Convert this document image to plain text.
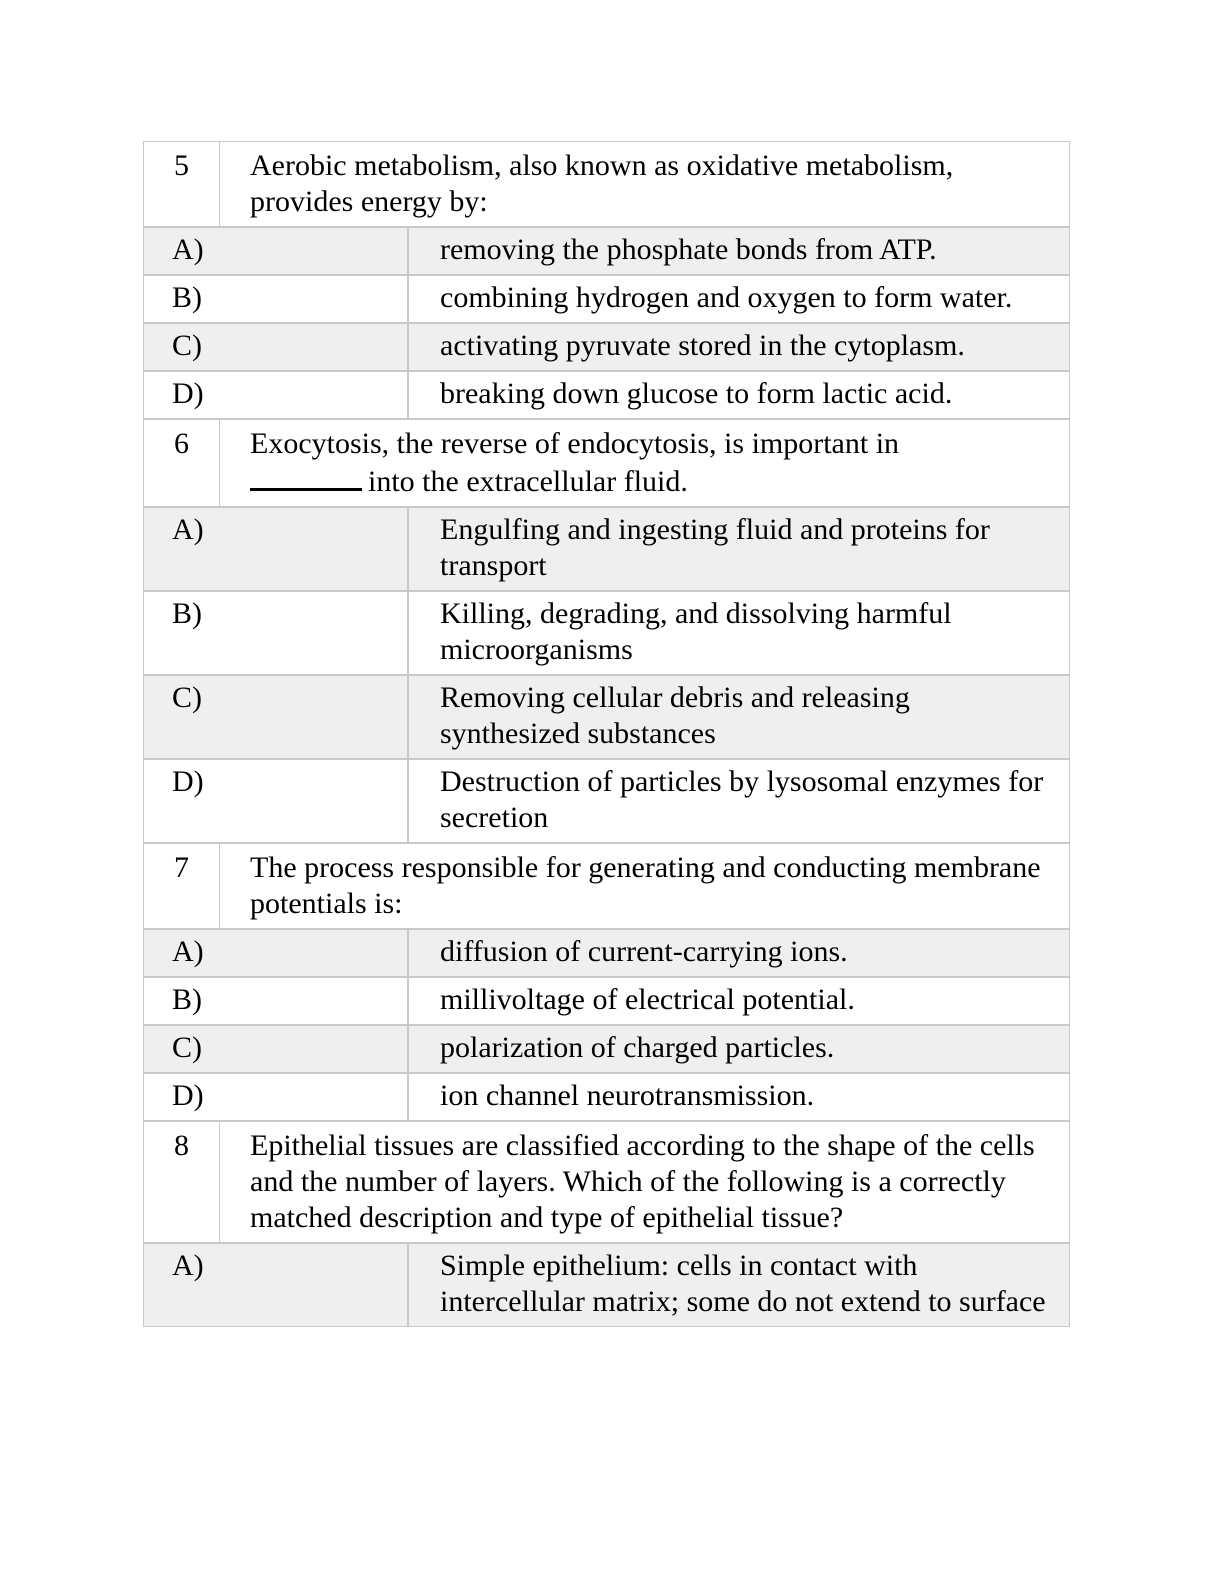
5	Aerobic metabolism, also known as oxidative metabolism, provides energy by:
A)	removing the phosphate bonds from ATP.
B)	combining hydrogen and oxygen to form water.
C)	activating pyruvate stored in the cytoplasm.
D)	breaking down glucose to form lactic acid.
6	Exocytosis, the reverse of endocytosis, is important in
into the extracellular fluid.
A)	Engulfing and ingesting fluid and proteins for transport
B)	Killing, degrading, and dissolving harmful microorganisms
C)	Removing cellular debris and releasing synthesized substances
D)	Destruction of particles by lysosomal enzymes for secretion
7	The process responsible for generating and conducting membrane potentials is:
A)	diffusion of current-carrying ions.
B)	millivoltage of electrical potential.
C)	polarization of charged particles.
D)	ion channel neurotransmission.
8	Epithelial tissues are classified according to the shape of the cells and the number of layers. Which of the following is a correctly matched description and type of epithelial tissue?
A)	Simple epithelium: cells in contact with intercellular matrix; some do not extend to surface
